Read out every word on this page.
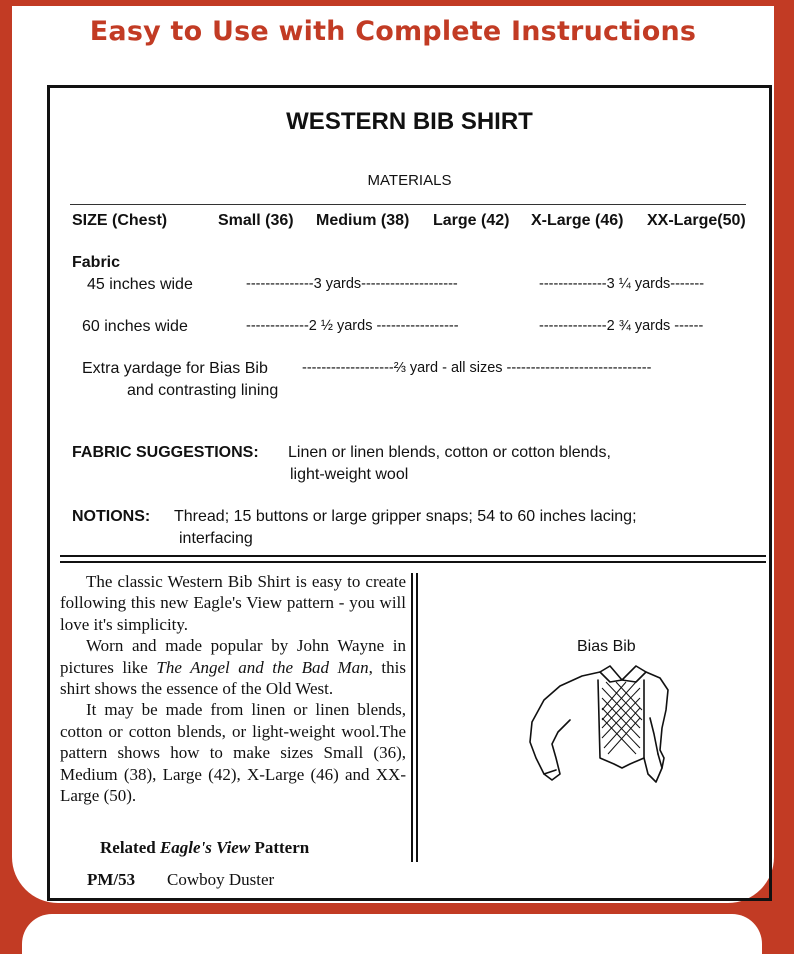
Easy to Use with Complete Instructions
WESTERN BIB SHIRT
MATERIALS
SIZE (Chest)	Small (36) Medium (38) Large (42) X-Large (46) XX-Large(50)
Fabric
45 inches wide	--------------3 yards--------------------	--------------3 ¼ yards-------
60 inches wide	-------------2 ½ yards -----------------	--------------2 ¾ yards ------
Extra yardage for Bias Bib
and contrasting lining
-------------------⅔ yard - all sizes ------------------------------
FABRIC SUGGESTIONS: Linen or linen blends, cotton or cotton blends,
light-weight wool
NOTIONS: Thread; 15 buttons or large gripper snaps; 54 to 60 inches lacing;
interfacing

The classic Western Bib Shirt is easy to create following this new Eagle's View pattern - you will love it's simplicity.

Worn and made popular by John Wayne in pictures like The Angel and the Bad Man, this shirt shows the essence of the Old West.

It may be made from linen or linen blends, cotton or cotton blends, or light-weight wool.The pattern shows how to make sizes Small (36), Medium (38), Large (42), X-Large (46) and XX-Large (50).

Related Eagle's View Pattern
PM/53 Cowboy Duster
Bias Bib
